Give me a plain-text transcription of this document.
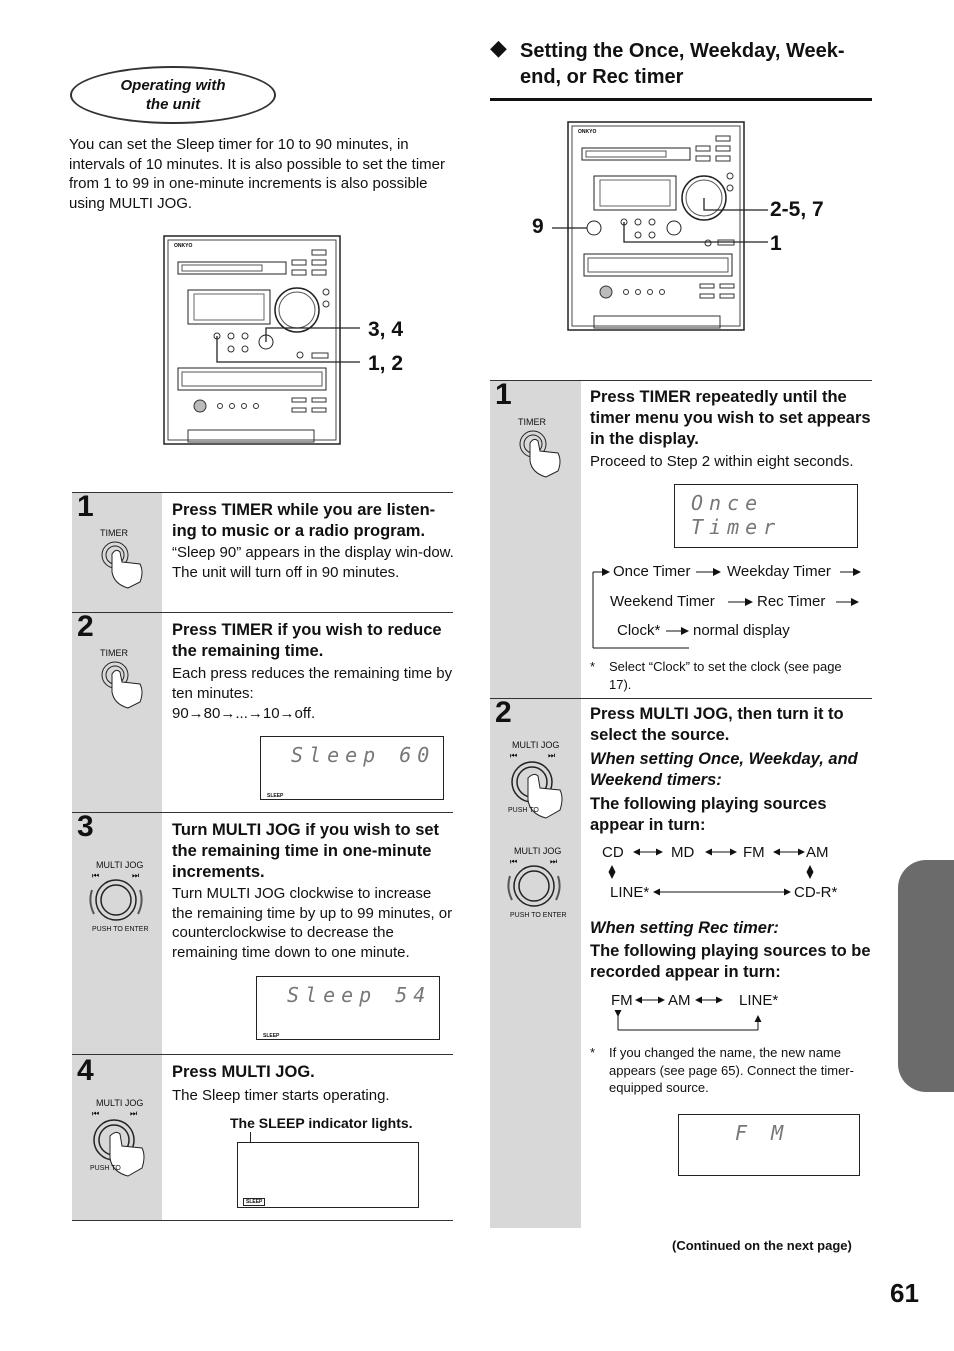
Operating with
the unit
You can set the Sleep timer for 10 to 90 minutes, in intervals of 10 minutes. It is also possible to set the timer from 1 to 99 in one-minute increments is also possible using MULTI JOG.
ONKYO
3, 4
1, 2
1
TIMER
Press TIMER while you are listen-ing to music or a radio program.
“Sleep 90” appears in the display win-dow. The unit will turn off in 90 minutes.
2
TIMER
Press TIMER if you wish to reduce the remaining time.
Each press reduces the remaining time by ten minutes:
90→80→...→10→off.
Sleep 60
SLEEP
3
MULTI JOG
⏮	⏭
PUSH TO ENTER
Turn MULTI JOG if you wish to set the remaining time in one-minute increments.
Turn MULTI JOG clockwise to increase the remaining time by up to 99 minutes, or counterclockwise to decrease the remaining time down to one minute.
Sleep 54
SLEEP
4
MULTI JOG
⏮	⏭
PUSH TO
Press MULTI JOG.
The Sleep timer starts operating.
The SLEEP indicator lights.
SLEEP
◆ Setting the Once, Weekday, Week-
end, or Rec timer
ONKYO
2-5, 7
1
9
1
TIMER
Press TIMER repeatedly until the timer menu you wish to set appears in the display.
Proceed to Step 2 within eight seconds.
Once Timer
Once Timer Weekday Timer
Weekend Timer	Rec Timer
Clock* normal display
* Select “Clock” to set the clock (see page 17).
2
MULTI JOG
⏮	⏭
PUSH TO
MULTI JOG
⏮	⏭
PUSH TO ENTER
Press MULTI JOG, then turn it to select the source.
When setting Once, Weekday, and Weekend timers:
The following playing sources appear in turn:
CD	MD	FM	AM
LINE*	CD-R*
When setting Rec timer:
The following playing sources to be recorded appear in turn:
FM AM	LINE*
* If you changed the name, the new name appears (see page 65). Connect the timer-equipped source.
F M
(Continued on the next page)
61
